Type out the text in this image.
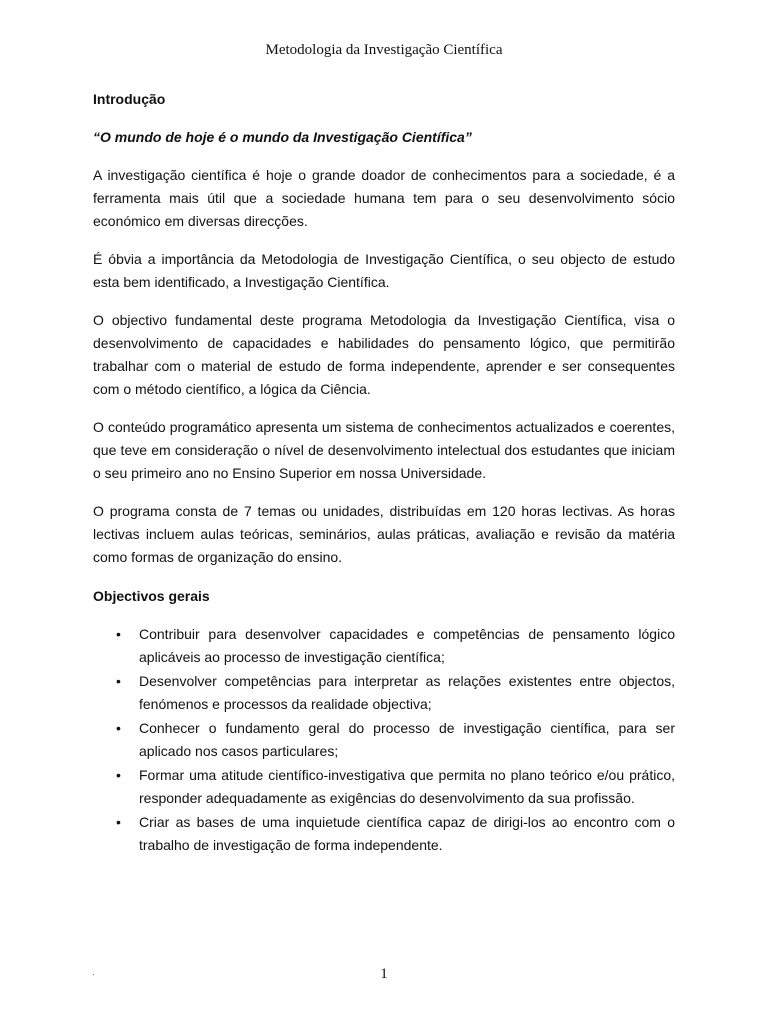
Metodologia da Investigação Científica

Introdução

“O mundo de hoje é o mundo da Investigação Científica”

A investigação científica é hoje o grande doador de conhecimentos para a sociedade, é a ferramenta mais útil que a sociedade humana tem para o seu desenvolvimento sócio económico em diversas direcções.

É óbvia a importância da Metodologia de Investigação Científica, o seu objecto de estudo esta bem identificado, a Investigação Científica.

O objectivo fundamental deste programa Metodologia da Investigação Científica, visa o desenvolvimento de capacidades e habilidades do pensamento lógico, que permitirão trabalhar com o material de estudo de forma independente, aprender e ser consequentes com o método científico, a lógica da Ciência.

O conteúdo programático apresenta um sistema de conhecimentos actualizados e coerentes, que teve em consideração o nível de desenvolvimento intelectual dos estudantes que iniciam o seu primeiro ano no Ensino Superior em nossa Universidade.

O programa consta de 7 temas ou unidades, distribuídas em 120 horas lectivas. As horas lectivas incluem aulas teóricas, seminários, aulas práticas, avaliação e revisão da matéria como formas de organização do ensino.

Objectivos gerais

• Contribuir para desenvolver capacidades e competências de pensamento lógico aplicáveis ao processo de investigação científica;
• Desenvolver competências para interpretar as relações existentes entre objectos, fenómenos e processos da realidade objectiva;
• Conhecer o fundamento geral do processo de investigação científica, para ser aplicado nos casos particulares;
• Formar uma atitude científico-investigativa que permita no plano teórico e/ou prático, responder adequadamente as exigências do desenvolvimento da sua profissão.
• Criar as bases de uma inquietude científica capaz de dirigi-los ao encontro com o trabalho de investigação de forma independente.
·	1
